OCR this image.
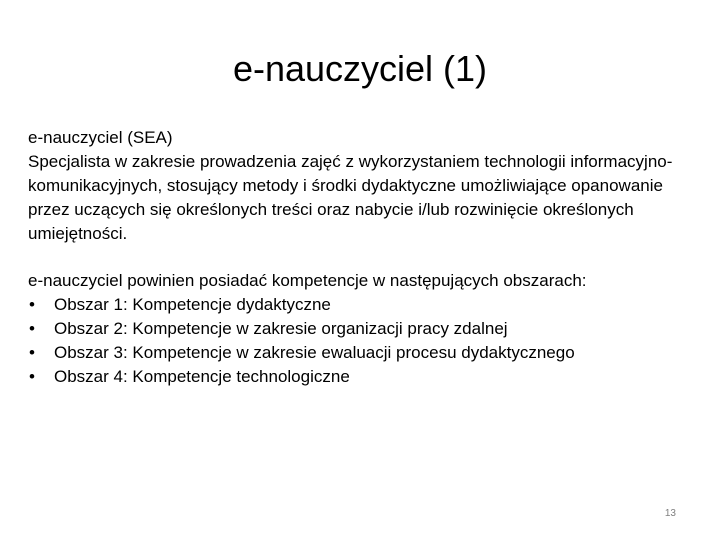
e-nauczyciel (1)

e-nauczyciel (SEA)

Specjalista w zakresie prowadzenia zajęć z wykorzystaniem technologii informacyjno-komunikacyjnych, stosujący metody i środki dydaktyczne umożliwiające opanowanie przez uczących się określonych treści oraz nabycie i/lub rozwinięcie określonych umiejętności.

e-nauczyciel powinien posiadać kompetencje w następujących obszarach:

• Obszar 1: Kompetencje dydaktyczne
• Obszar 2: Kompetencje w zakresie organizacji pracy zdalnej
• Obszar 3: Kompetencje w zakresie ewaluacji procesu dydaktycznego
• Obszar 4: Kompetencje technologiczne
13
